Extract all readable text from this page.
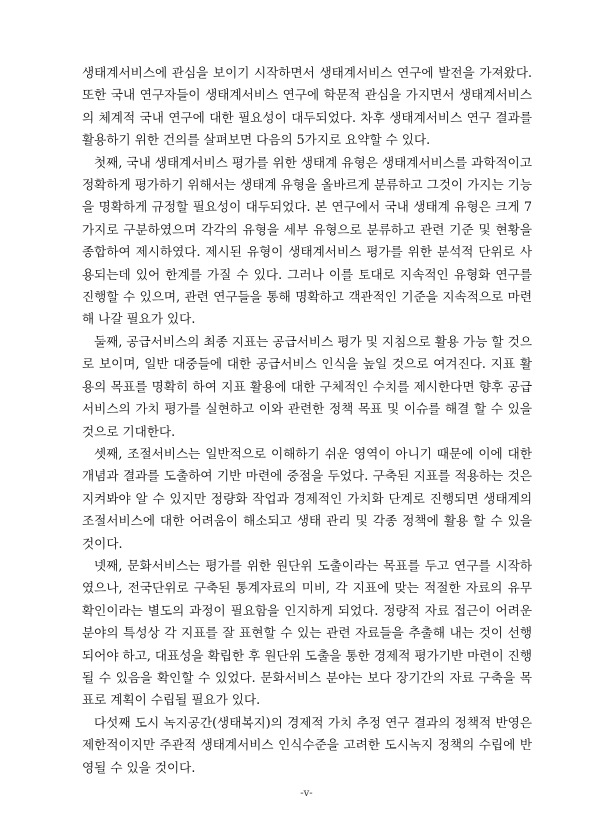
생태계서비스에 관심을 보이기 시작하면서 생태계서비스 연구에 발전을 가져왔다. 또한 국내 연구자들이 생태계서비스 연구에 학문적 관심을 가지면서 생태계서비스의 체계적 국내 연구에 대한 필요성이 대두되었다. 차후 생태계서비스 연구 결과를 활용하기 위한 건의를 살펴보면 다음의 5가지로 요약할 수 있다.

첫째, 국내 생태계서비스 평가를 위한 생태계 유형은 생태계서비스를 과학적이고 정확하게 평가하기 위해서는 생태계 유형을 올바르게 분류하고 그것이 가지는 기능을 명확하게 규정할 필요성이 대두되었다. 본 연구에서 국내 생태계 유형은 크게 7가지로 구분하였으며 각각의 유형을 세부 유형으로 분류하고 관련 기준 및 현황을 종합하여 제시하였다. 제시된 유형이 생태계서비스 평가를 위한 분석적 단위로 사용되는데 있어 한계를 가질 수 있다. 그러나 이를 토대로 지속적인 유형화 연구를 진행할 수 있으며, 관련 연구들을 통해 명확하고 객관적인 기준을 지속적으로 마련해 나갈 필요가 있다.

둘째, 공급서비스의 최종 지표는 공급서비스 평가 및 지침으로 활용 가능 할 것으로 보이며, 일반 대중들에 대한 공급서비스 인식을 높일 것으로 여겨진다. 지표 활용의 목표를 명확히 하여 지표 활용에 대한 구체적인 수치를 제시한다면 향후 공급서비스의 가치 평가를 실현하고 이와 관련한 정책 목표 및 이슈를 해결 할 수 있을 것으로 기대한다.

셋째, 조절서비스는 일반적으로 이해하기 쉬운 영역이 아니기 때문에 이에 대한 개념과 결과를 도출하여 기반 마련에 중점을 두었다. 구축된 지표를 적용하는 것은 지켜봐야 알 수 있지만 정량화 작업과 경제적인 가치화 단계로 진행되면 생태계의 조절서비스에 대한 어려움이 해소되고 생태 관리 및 각종 정책에 활용 할 수 있을 것이다.

넷째, 문화서비스는 평가를 위한 원단위 도출이라는 목표를 두고 연구를 시작하였으나, 전국단위로 구축된 통계자료의 미비, 각 지표에 맞는 적절한 자료의 유무 확인이라는 별도의 과정이 필요함을 인지하게 되었다. 정량적 자료 접근이 어려운 분야의 특성상 각 지표를 잘 표현할 수 있는 관련 자료들을 추출해 내는 것이 선행되어야 하고, 대표성을 확립한 후 원단위 도출을 통한 경제적 평가기반 마련이 진행될 수 있음을 확인할 수 있었다. 문화서비스 분야는 보다 장기간의 자료 구축을 목표로 계획이 수립될 필요가 있다.

다섯째 도시 녹지공간(생태복지)의 경제적 가치 추정 연구 결과의 정책적 반영은 제한적이지만 주관적 생태계서비스 인식수준을 고려한 도시녹지 정책의 수립에 반영될 수 있을 것이다.

-v-
